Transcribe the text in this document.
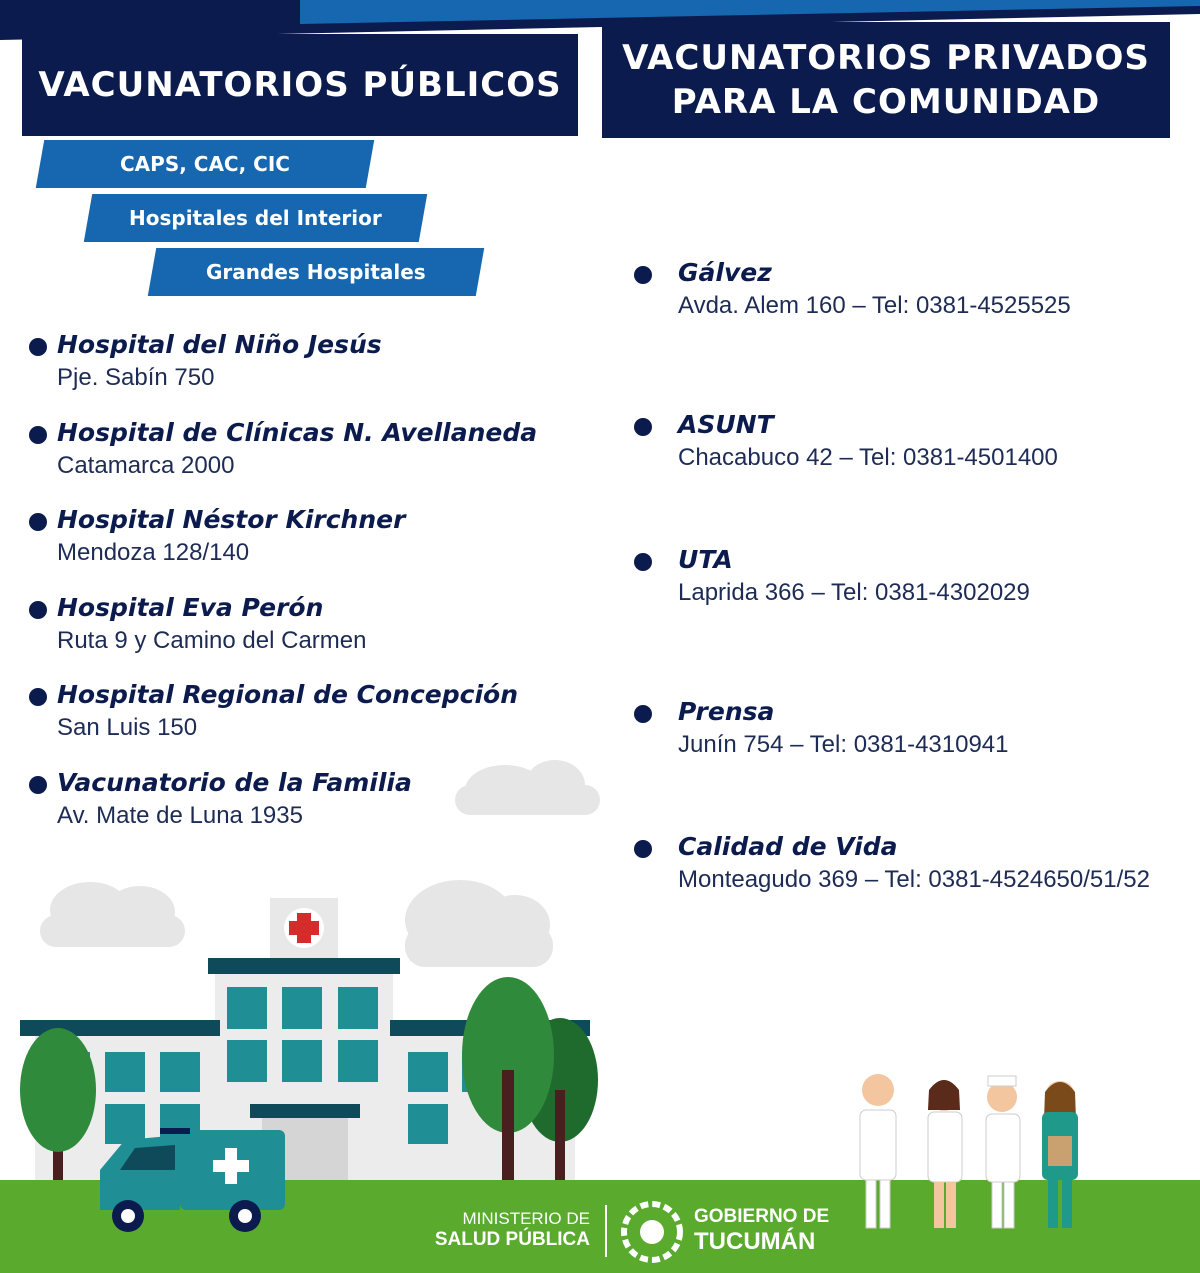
VACUNATORIOS PÚBLICOS
VACUNATORIOS PRIVADOS
PARA LA COMUNIDAD
CAPS, CAC, CIC
Hospitales del Interior
Grandes Hospitales
Hospital del Niño Jesús
Pje. Sabín 750
Hospital de Clínicas N. Avellaneda
Catamarca 2000
Hospital Néstor Kirchner
Mendoza 128/140
Hospital Eva Perón
Ruta 9 y Camino del Carmen
Hospital Regional de Concepción
San Luis 150
Vacunatorio de la Familia
Av. Mate de Luna 1935
Gálvez
Avda. Alem 160 – Tel: 0381-4525525
ASUNT
Chacabuco 42 – Tel: 0381-4501400
UTA
Laprida 366 – Tel: 0381-4302029
Prensa
Junín 754 – Tel: 0381-4310941
Calidad de Vida
Monteagudo 369 – Tel: 0381-4524650/51/52
MINISTERIO DE
SALUD PÚBLICA
GOBIERNO DE
TUCUMÁN
